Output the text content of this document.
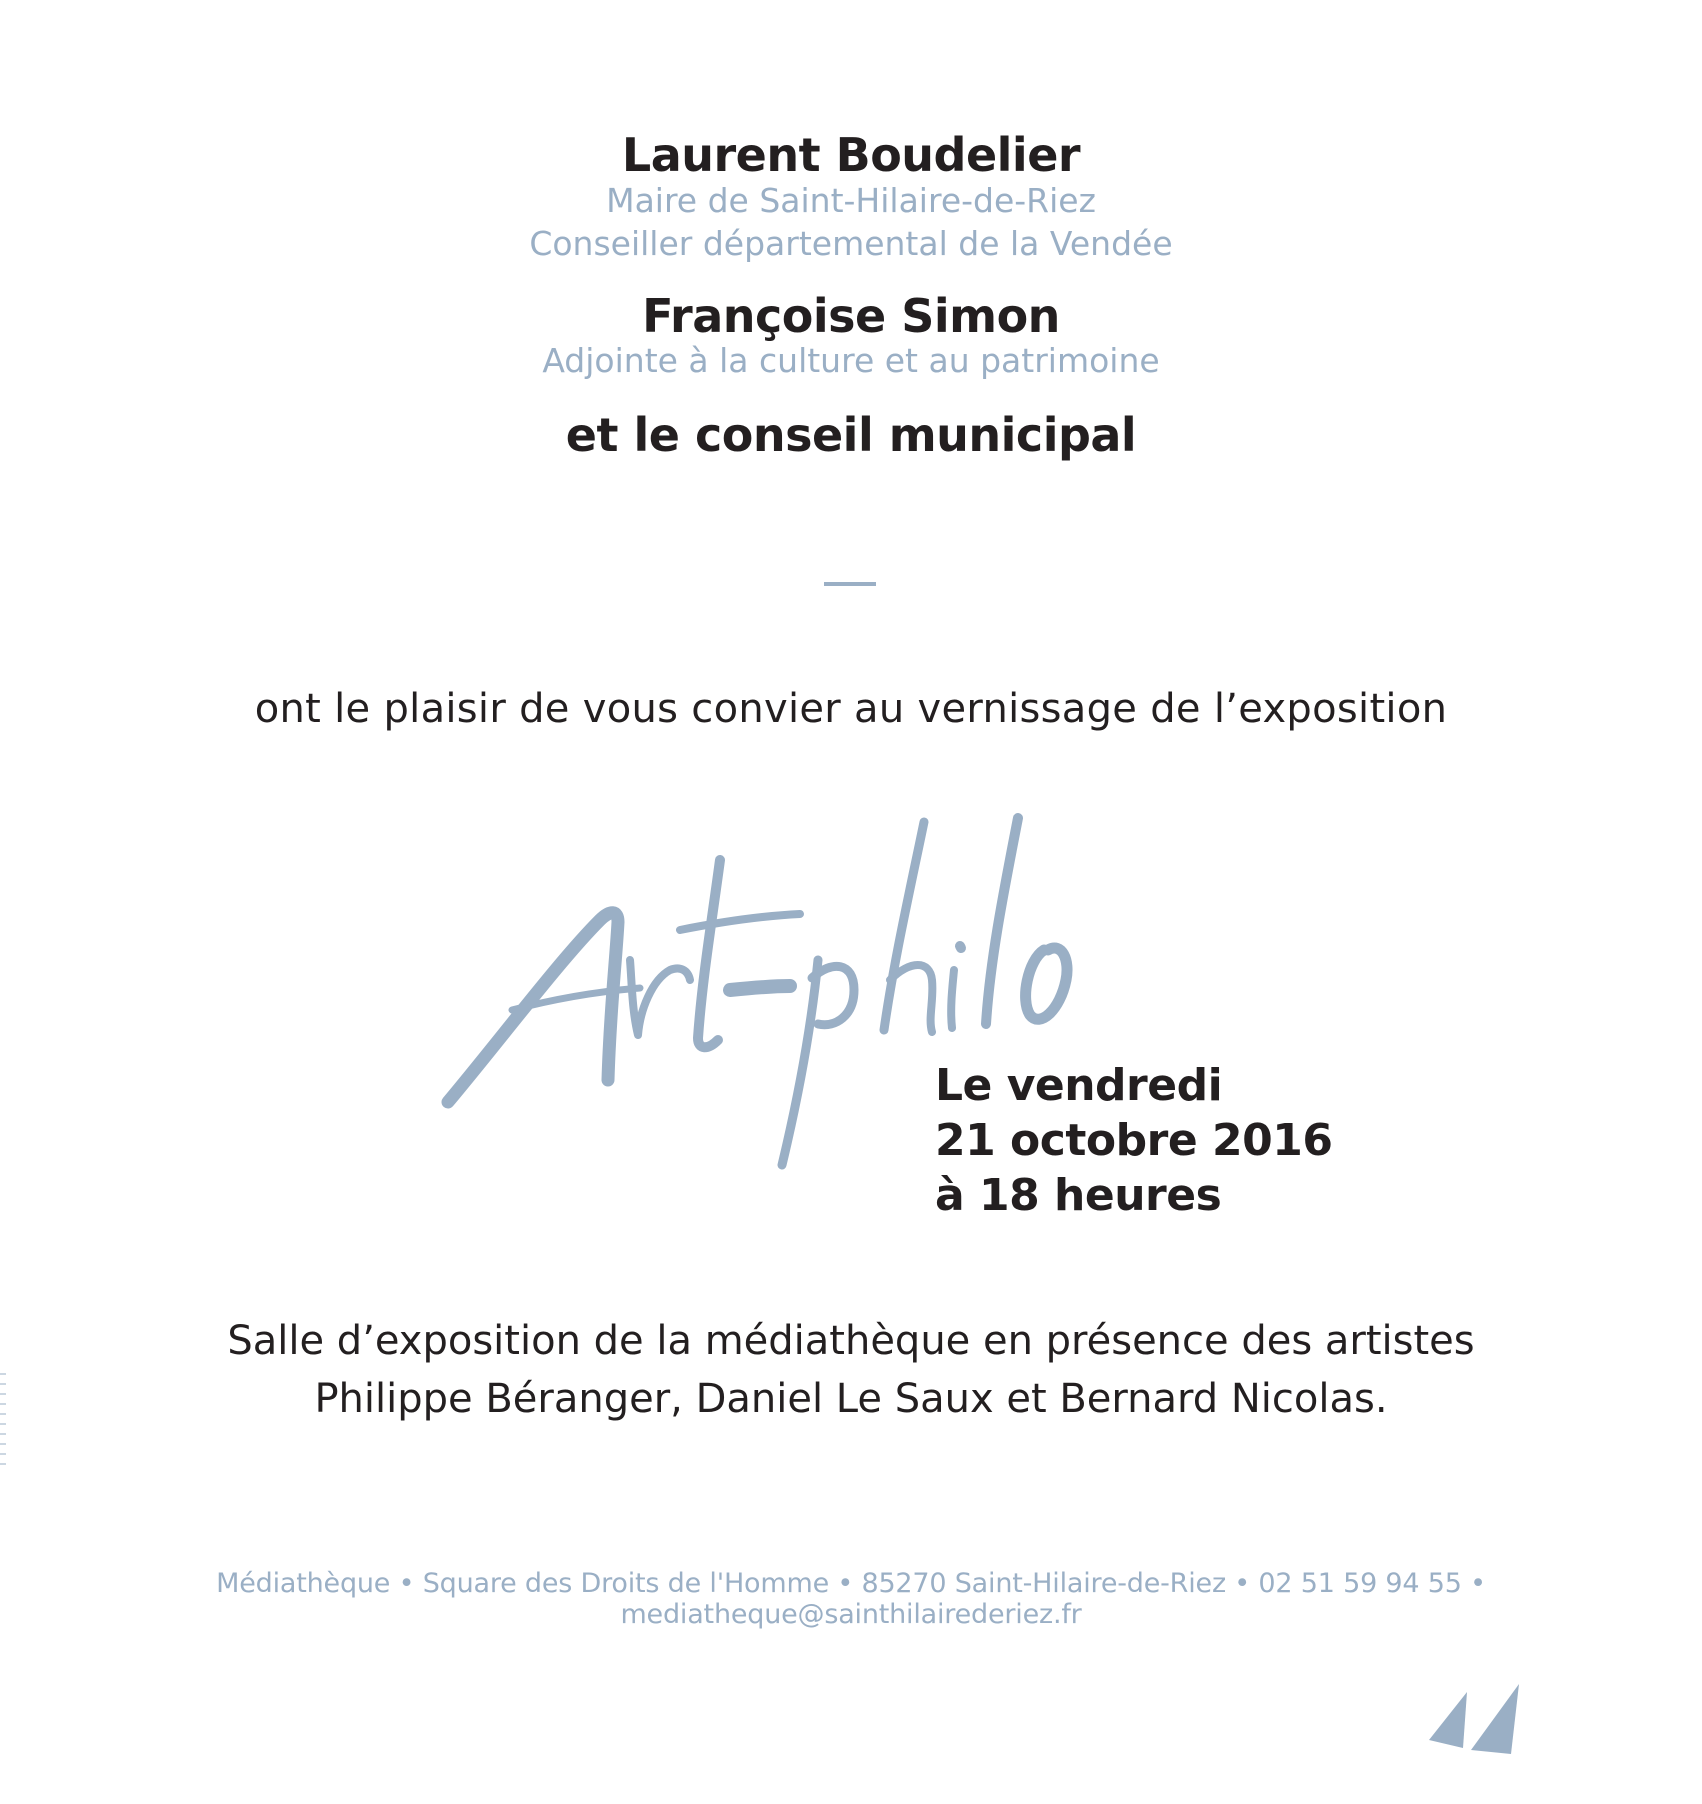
Laurent Boudelier
Maire de Saint-Hilaire-de-Riez
Conseiller départemental de la Vendée
Françoise Simon
Adjointe à la culture et au patrimoine
et le conseil municipal
ont le plaisir de vous convier au vernissage de l’exposition
Le vendredi
21 octobre 2016
à 18 heures
Salle d’exposition de la médiathèque en présence des artistes
Philippe Béranger, Daniel Le Saux et Bernard Nicolas.
Médiathèque • Square des Droits de l'Homme • 85270 Saint-Hilaire-de-Riez • 02 51 59 94 55 • mediatheque@sainthilairederiez.fr
